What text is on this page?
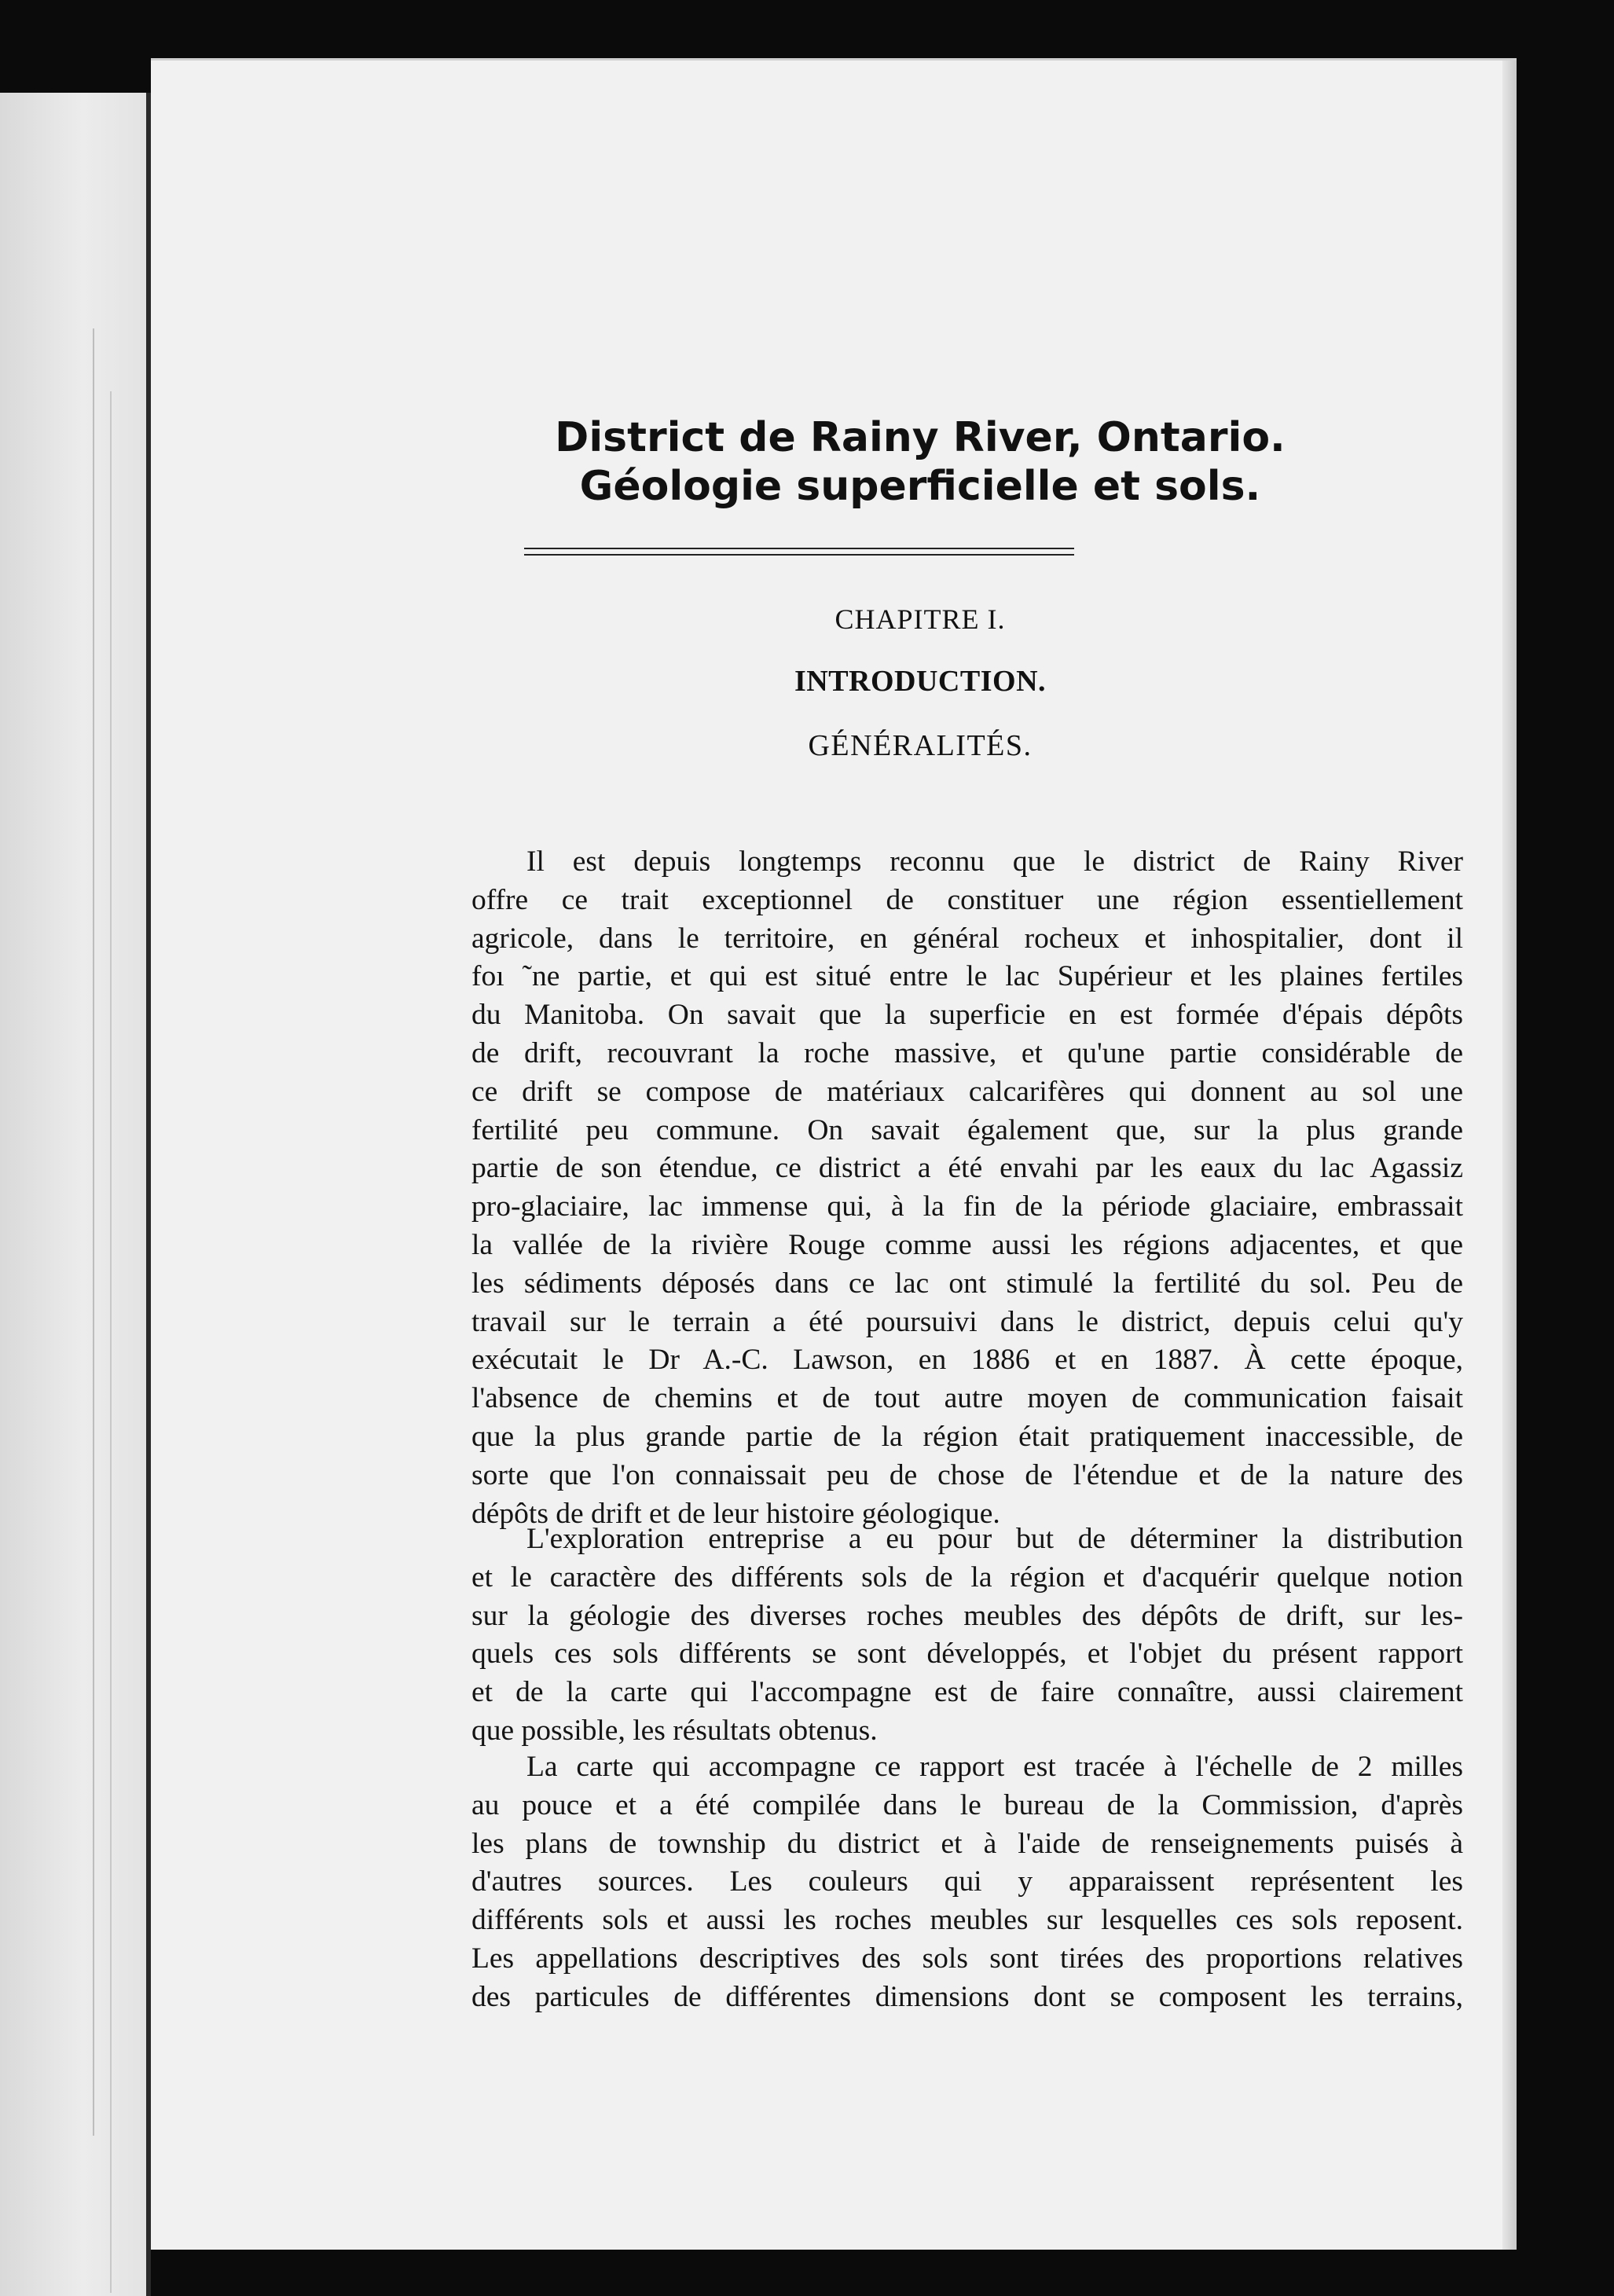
District de Rainy River, Ontario.
Géologie superficielle et sols.
CHAPITRE I.
INTRODUCTION.
GÉNÉRALITÉS.
Il est depuis longtemps reconnu que le district de Rainy River
offre ce trait exceptionnel de constituer une région essentiellement
agricole, dans le territoire, en général rocheux et inhospitalier, dont il
foı ˜ne partie, et qui est situé entre le lac Supérieur et les plaines fertiles
du Manitoba. On savait que la superficie en est formée d'épais dépôts
de drift, recouvrant la roche massive, et qu'une partie considérable de
ce drift se compose de matériaux calcarifères qui donnent au sol une
fertilité peu commune. On savait également que, sur la plus grande
partie de son étendue, ce district a été envahi par les eaux du lac Agassiz
pro-glaciaire, lac immense qui, à la fin de la période glaciaire, embrassait
la vallée de la rivière Rouge comme aussi les régions adjacentes, et que
les sédiments déposés dans ce lac ont stimulé la fertilité du sol. Peu de
travail sur le terrain a été poursuivi dans le district, depuis celui qu'y
exécutait le Dr A.-C. Lawson, en 1886 et en 1887. À cette époque,
l'absence de chemins et de tout autre moyen de communication faisait
que la plus grande partie de la région était pratiquement inaccessible, de
sorte que l'on connaissait peu de chose de l'étendue et de la nature des
dépôts de drift et de leur histoire géologique.
L'exploration entreprise a eu pour but de déterminer la distribution
et le caractère des différents sols de la région et d'acquérir quelque notion
sur la géologie des diverses roches meubles des dépôts de drift, sur les-
quels ces sols différents se sont développés, et l'objet du présent rapport
et de la carte qui l'accompagne est de faire connaître, aussi clairement
que possible, les résultats obtenus.
La carte qui accompagne ce rapport est tracée à l'échelle de 2 milles
au pouce et a été compilée dans le bureau de la Commission, d'après
les plans de township du district et à l'aide de renseignements puisés à
d'autres sources. Les couleurs qui y apparaissent représentent les
différents sols et aussi les roches meubles sur lesquelles ces sols reposent.
Les appellations descriptives des sols sont tirées des proportions relatives
des particules de différentes dimensions dont se composent les terrains,
